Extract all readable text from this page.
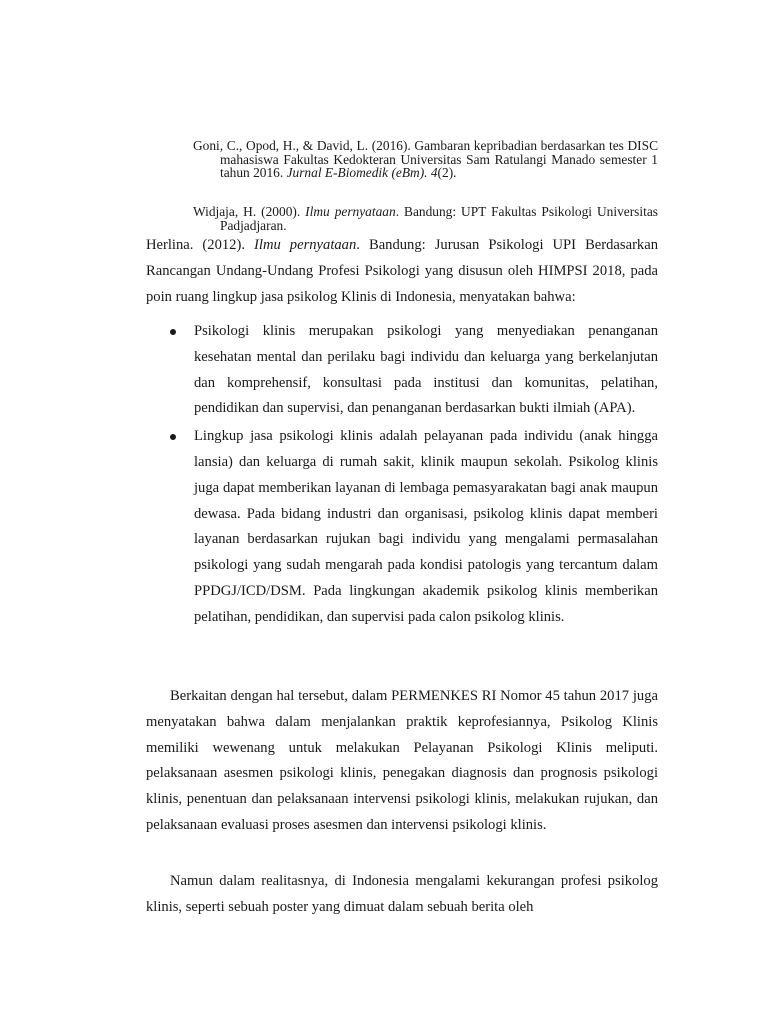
Goni, C., Opod, H., & David, L. (2016). Gambaran kepribadian berdasarkan tes DISC mahasiswa Fakultas Kedokteran Universitas Sam Ratulangi Manado semester 1 tahun 2016. Jurnal E-Biomedik (eBm). 4(2).
Widjaja, H. (2000). Ilmu pernyataan. Bandung: UPT Fakultas Psikologi Universitas Padjadjaran.

Herlina. (2012). Ilmu pernyataan. Bandung: Jurusan Psikologi UPI Berdasarkan Rancangan Undang-Undang Profesi Psikologi yang disusun oleh HIMPSI 2018, pada poin ruang lingkup jasa psikolog Klinis di Indonesia, menyatakan bahwa:

Psikologi klinis merupakan psikologi yang menyediakan penanganan kesehatan mental dan perilaku bagi individu dan keluarga yang berkelanjutan dan komprehensif, konsultasi pada institusi dan komunitas, pelatihan, pendidikan dan supervisi, dan penanganan berdasarkan bukti ilmiah (APA).
Lingkup jasa psikologi klinis adalah pelayanan pada individu (anak hingga lansia) dan keluarga di rumah sakit, klinik maupun sekolah. Psikolog klinis juga dapat memberikan layanan di lembaga pemasyarakatan bagi anak maupun dewasa. Pada bidang industri dan organisasi, psikolog klinis dapat memberi layanan berdasarkan rujukan bagi individu yang mengalami permasalahan psikologi yang sudah mengarah pada kondisi patologis yang tercantum dalam PPDGJ/ICD/DSM. Pada lingkungan akademik psikolog klinis memberikan pelatihan, pendidikan, dan supervisi pada calon psikolog klinis.

Berkaitan dengan hal tersebut, dalam PERMENKES RI Nomor 45 tahun 2017 juga menyatakan bahwa dalam menjalankan praktik keprofesiannya, Psikolog Klinis memiliki wewenang untuk melakukan Pelayanan Psikologi Klinis meliputi. pelaksanaan asesmen psikologi klinis, penegakan diagnosis dan prognosis psikologi klinis, penentuan dan pelaksanaan intervensi psikologi klinis, melakukan rujukan, dan pelaksanaan evaluasi proses asesmen dan intervensi psikologi klinis.

Namun dalam realitasnya, di Indonesia mengalami kekurangan profesi psikolog klinis, seperti sebuah poster yang dimuat dalam sebuah berita oleh
